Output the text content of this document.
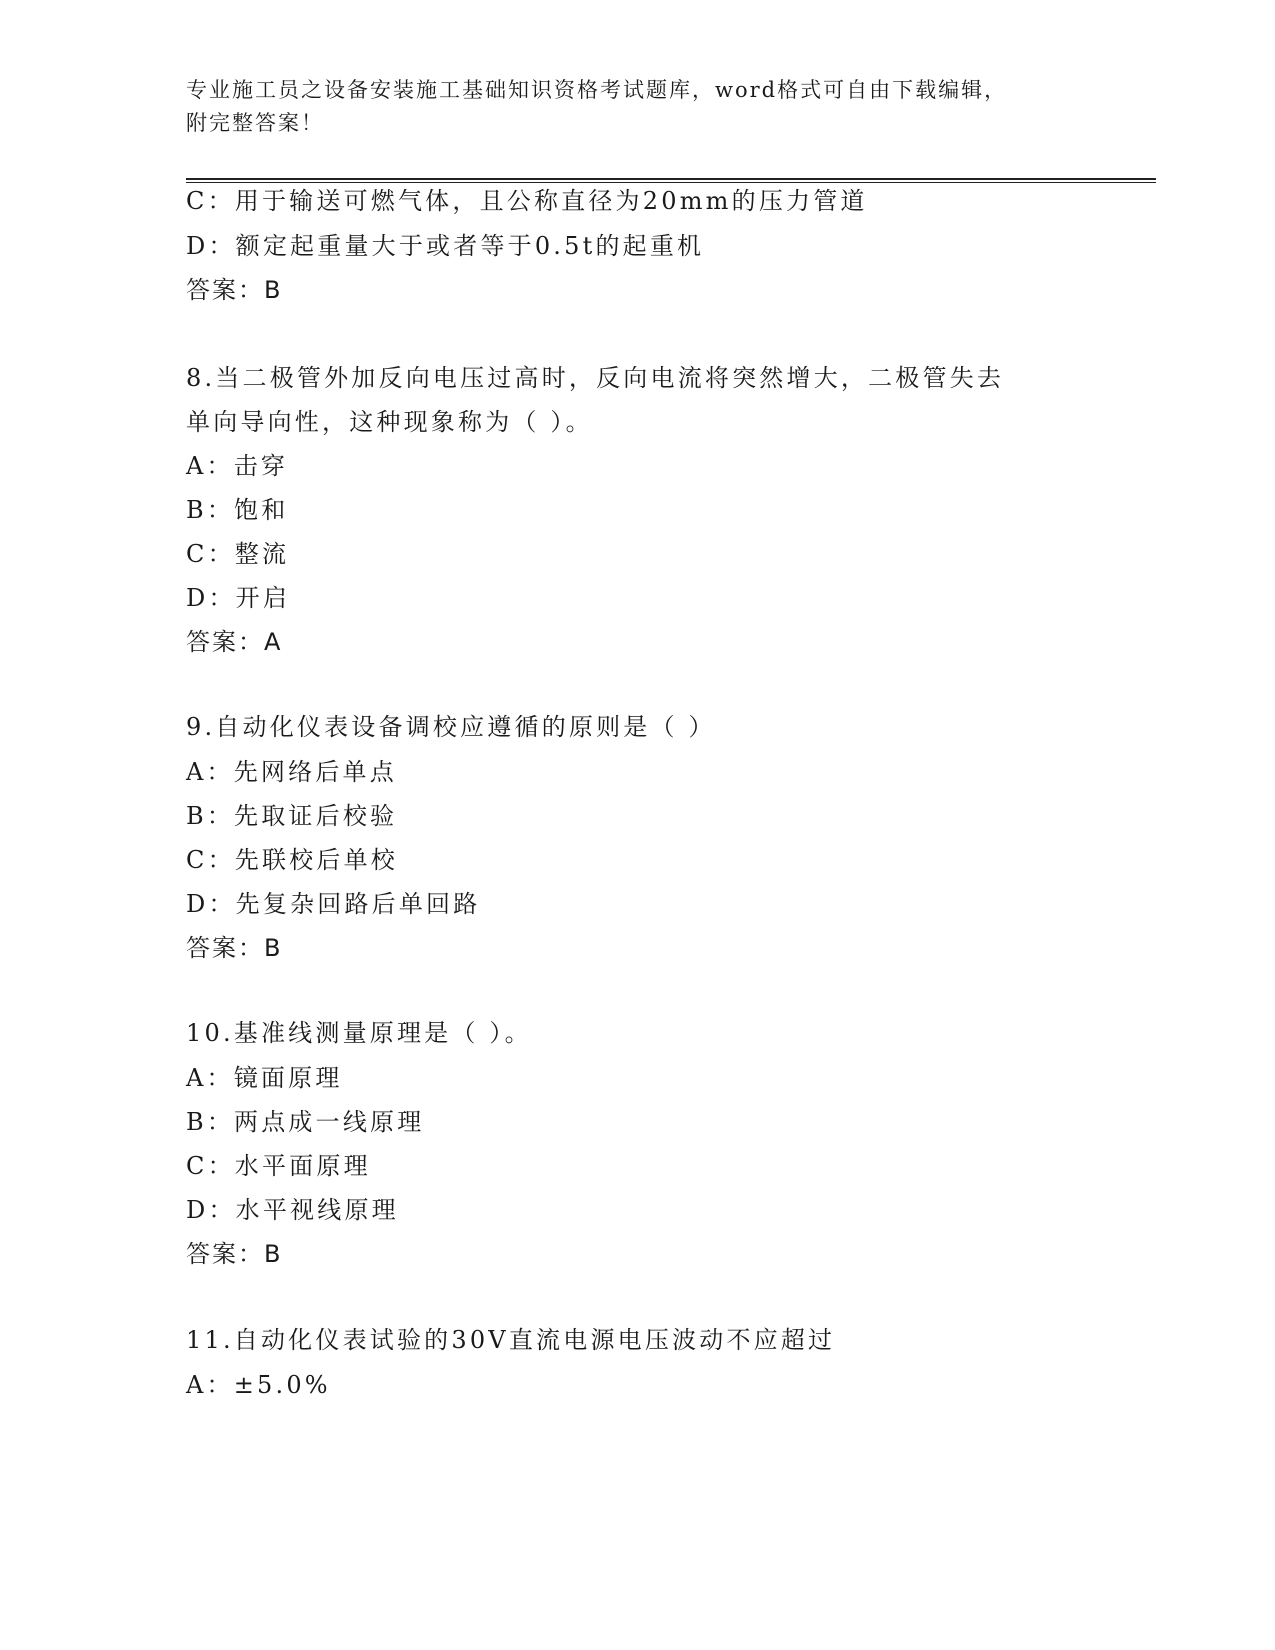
专业施工员之设备安装施工基础知识资格考试题库，word格式可自由下载编辑，
附完整答案！
C：用于输送可燃气体，且公称直径为20mm的压力管道
D：额定起重量大于或者等于0.5t的起重机
答案：B
8.当二极管外加反向电压过高时，反向电流将突然增大，二极管失去
单向导向性，这种现象称为（ ）。
A：击穿
B：饱和
C：整流
D：开启
答案：A
9.自动化仪表设备调校应遵循的原则是（ ）
A：先网络后单点
B：先取证后校验
C：先联校后单校
D：先复杂回路后单回路
答案：B
10.基准线测量原理是（ ）。
A：镜面原理
B：两点成一线原理
C：水平面原理
D：水平视线原理
答案：B
11.自动化仪表试验的30V直流电源电压波动不应超过
A：±5.0%
